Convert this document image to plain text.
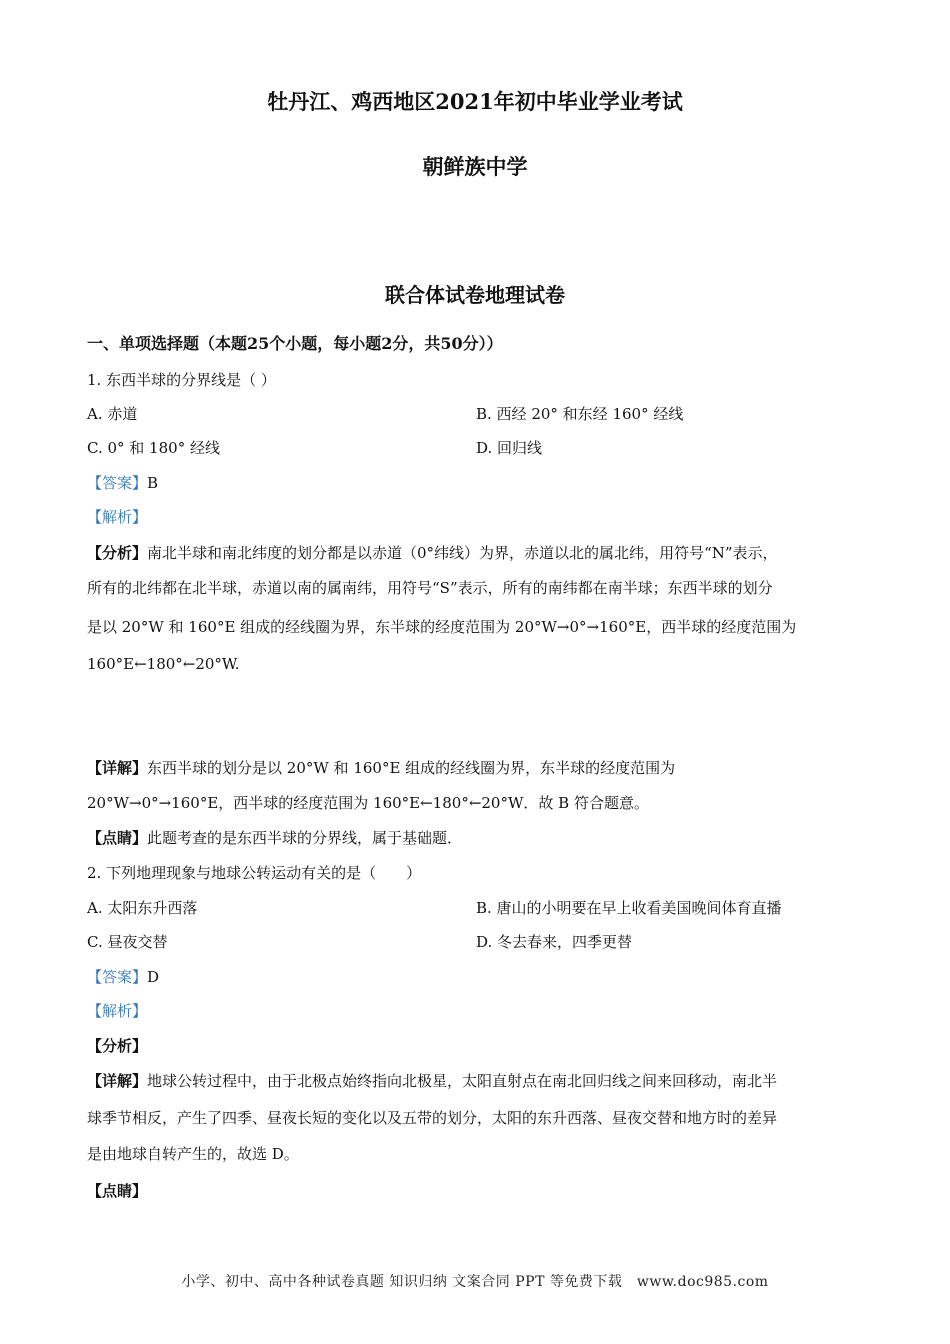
牡丹江、鸡西地区2021年初中毕业学业考试
朝鲜族中学
联合体试卷地理试卷
一、单项选择题（本题25个小题，每小题2分，共50分））
1. 东西半球的分界线是（ ）
A. 赤道	B. 西经 20° 和东经 160° 经线
C. 0° 和 180° 经线	D. 回归线
【答案】B
【解析】
【分析】南北半球和南北纬度的划分都是以赤道（0°纬线）为界，赤道以北的属北纬，用符号“N”表示，
所有的北纬都在北半球，赤道以南的属南纬，用符号“S”表示，所有的南纬都在南半球；东西半球的划分
是以 20°W 和 160°E 组成的经线圈为界，东半球的经度范围为 20°W→0°→160°E，西半球的经度范围为
160°E←180°←20°W.
【详解】东西半球的划分是以 20°W 和 160°E 组成的经线圈为界，东半球的经度范围为
20°W→0°→160°E，西半球的经度范围为 160°E←180°←20°W．故 B 符合题意。
【点睛】此题考查的是东西半球的分界线，属于基础题．
2. 下列地理现象与地球公转运动有关的是（　　）
A. 太阳东升西落	B. 唐山的小明要在早上收看美国晚间体育直播
C. 昼夜交替	D. 冬去春来，四季更替
【答案】D
【解析】
【分析】
【详解】地球公转过程中，由于北极点始终指向北极星，太阳直射点在南北回归线之间来回移动，南北半
球季节相反，产生了四季、昼夜长短的变化以及五带的划分，太阳的东升西落、昼夜交替和地方时的差异
是由地球自转产生的，故选 D。
【点睛】
小学、初中、高中各种试卷真题 知识归纳 文案合同 PPT 等免费下载　www.doc985.com
